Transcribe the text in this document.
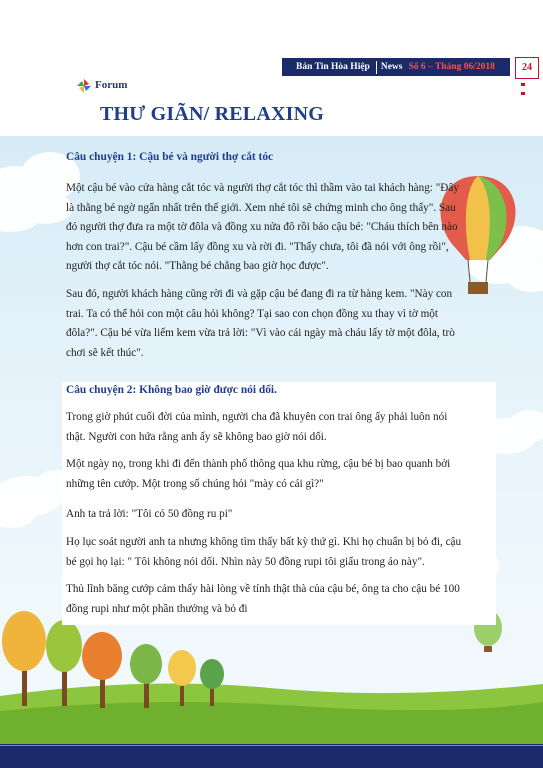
Bản Tin Hòa Hiệp	News Số 6 – Tháng 06/2018	24
Forum
THƯ GIÃN/ RELAXING

Câu chuyện 1: Cậu bé và người thợ cắt tóc

Một cậu bé vào cửa hàng cắt tóc và người thợ cắt tóc thì thầm vào tai khách hàng: "Đây

là thằng bé ngờ ngẩn nhất trên thế giới. Xem nhé tôi sẽ chứng minh cho ông thấy". Sau

đó người thợ đưa ra một tờ đôla và đồng xu nửa đô rồi bảo cậu bé: "Cháu thích bên nào

hơn con trai?". Cậu bé cầm lấy đồng xu và rời đi. "Thấy chưa, tôi đã nói với ông rồi",

người thợ cắt tóc nói. "Thằng bé chẳng bao giờ học được".

Sau đó, người khách hàng cũng rời đi và gặp cậu bé đang đi ra từ hàng kem. "Này con

trai. Ta có thể hỏi con một câu hỏi không? Tại sao con chọn đồng xu thay vì tờ một

đôla?". Cậu bé vừa liếm kem vừa trả lời: "Vì vào cái ngày mà cháu lấy tờ một đôla, trò

chơi sẽ kết thúc".

Câu chuyện 2: Không bao giờ được nói dối.

Trong giờ phút cuối đời của mình, người cha đã khuyên con trai ông ấy phải luôn nói

thật. Người con hứa rằng anh ấy sẽ không bao giờ nói dối.

Một ngày nọ, trong khi đi đến thành phố thông qua khu rừng, cậu bé bị bao quanh bởi

những tên cướp. Một trong số chúng hỏi "mày có cái gì?"

Anh ta trả lời: "Tôi có 50 đồng ru pi"

Họ lục soát người anh ta nhưng không tìm thấy bất kỳ thứ gì. Khi họ chuẩn bị bỏ đi, cậu

bé gọi họ lại: " Tôi không nói dối. Nhìn này 50 đồng rupi tôi giấu trong áo này".

Thủ lĩnh băng cướp cảm thấy hài lòng về tính thật thà của cậu bé, ông ta cho cậu bé 100

đồng rupi như một phần thưởng và bỏ đi
